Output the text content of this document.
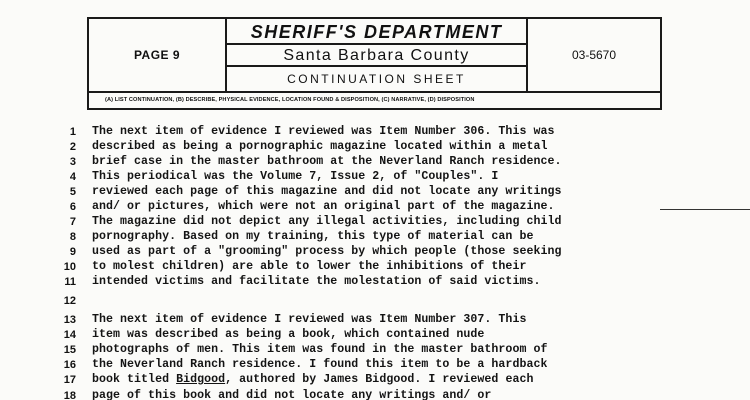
PAGE 9
SHERIFF'S DEPARTMENT
Santa Barbara County
CONTINUATION SHEET
03-5670
(A) LIST CONTINUATION, (B) DESCRIBE, PHYSICAL EVIDENCE, LOCATION FOUND & DISPOSITION, (C) NARRATIVE, (D) DISPOSITION
1 The next item of evidence I reviewed was Item Number 306. This was
2 described as being a pornographic magazine located within a metal
3 brief case in the master bathroom at the Neverland Ranch residence.
4 This periodical was the Volume 7, Issue 2, of "Couples". I
5 reviewed each page of this magazine and did not locate any writings
6 and/ or pictures, which were not an original part of the magazine.
7 The magazine did not depict any illegal activities, including child
8 pornography. Based on my training, this type of material can be
9 used as part of a "grooming" process by which people (those seeking
10 to molest children) are able to lower the inhibitions of their
11 intended victims and facilitate the molestation of said victims.
12
13 The next item of evidence I reviewed was Item Number 307. This
14 item was described as being a book, which contained nude
15 photographs of men. This item was found in the master bathroom of
16 the Neverland Ranch residence. I found this item to be a hardback
17 book titled Bidgood, authored by James Bidgood. I reviewed each
18 page of this book and did not locate any writings and/ or
